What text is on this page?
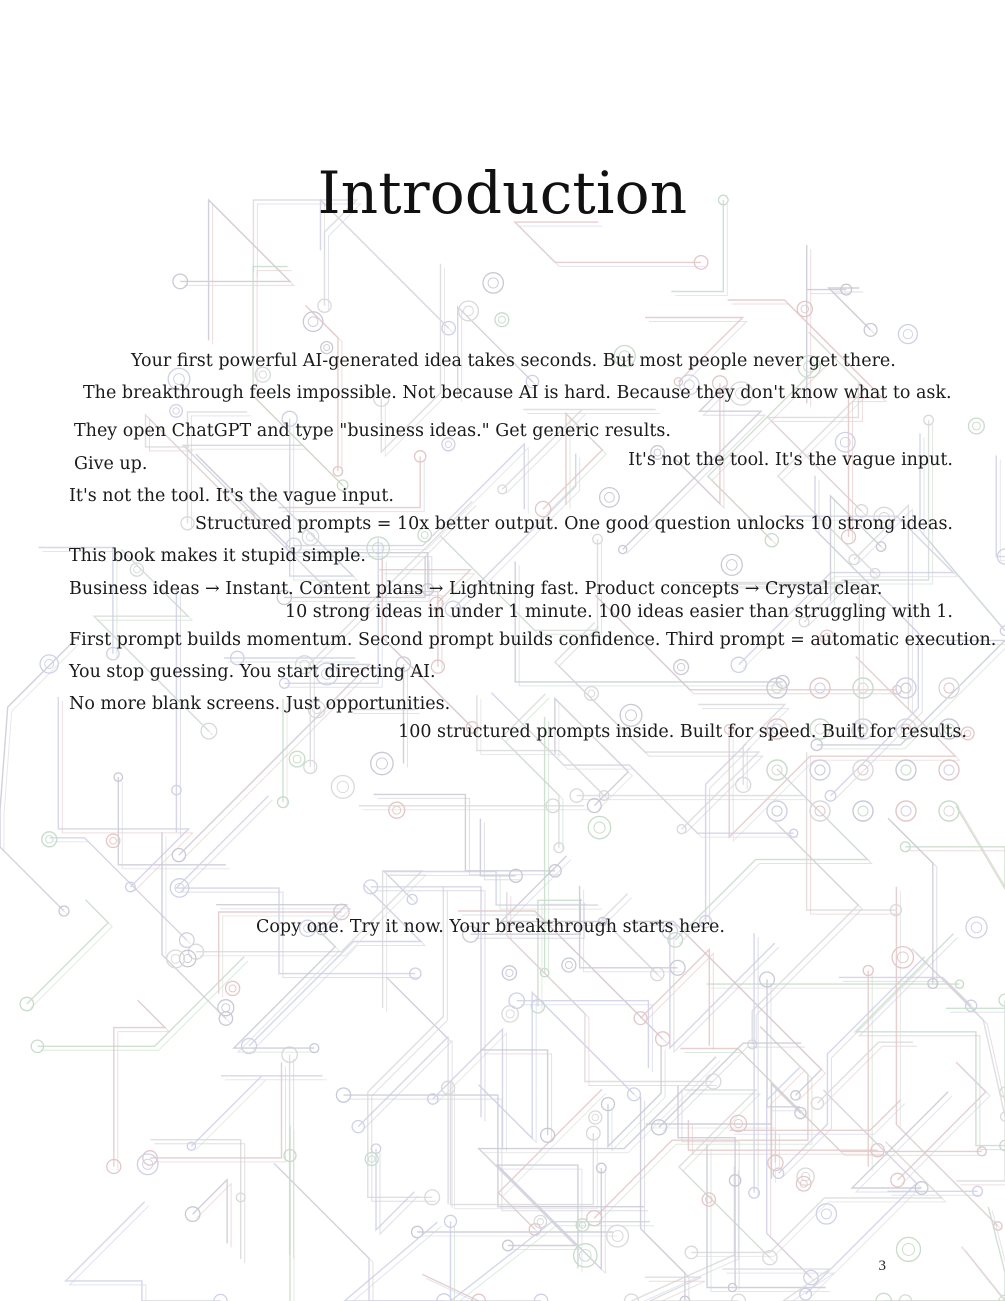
Introduction
Your first powerful AI-generated idea takes seconds. But most people never get there.
The breakthrough feels impossible. Not because AI is hard. Because they don't know what to ask.
They open ChatGPT and type "business ideas." Get generic results.
Give up.	It's not the tool. It's the vague input.
It's not the tool. It's the vague input.
Structured prompts = 10x better output. One good question unlocks 10 strong ideas.
This book makes it stupid simple.
Business ideas → Instant. Content plans → Lightning fast. Product concepts → Crystal clear.
10 strong ideas in under 1 minute. 100 ideas easier than struggling with 1.
First prompt builds momentum. Second prompt builds confidence. Third prompt = automatic execution.
You stop guessing. You start directing AI.
No more blank screens. Just opportunities.
100 structured prompts inside. Built for speed. Built for results.
Copy one. Try it now. Your breakthrough starts here.
3
